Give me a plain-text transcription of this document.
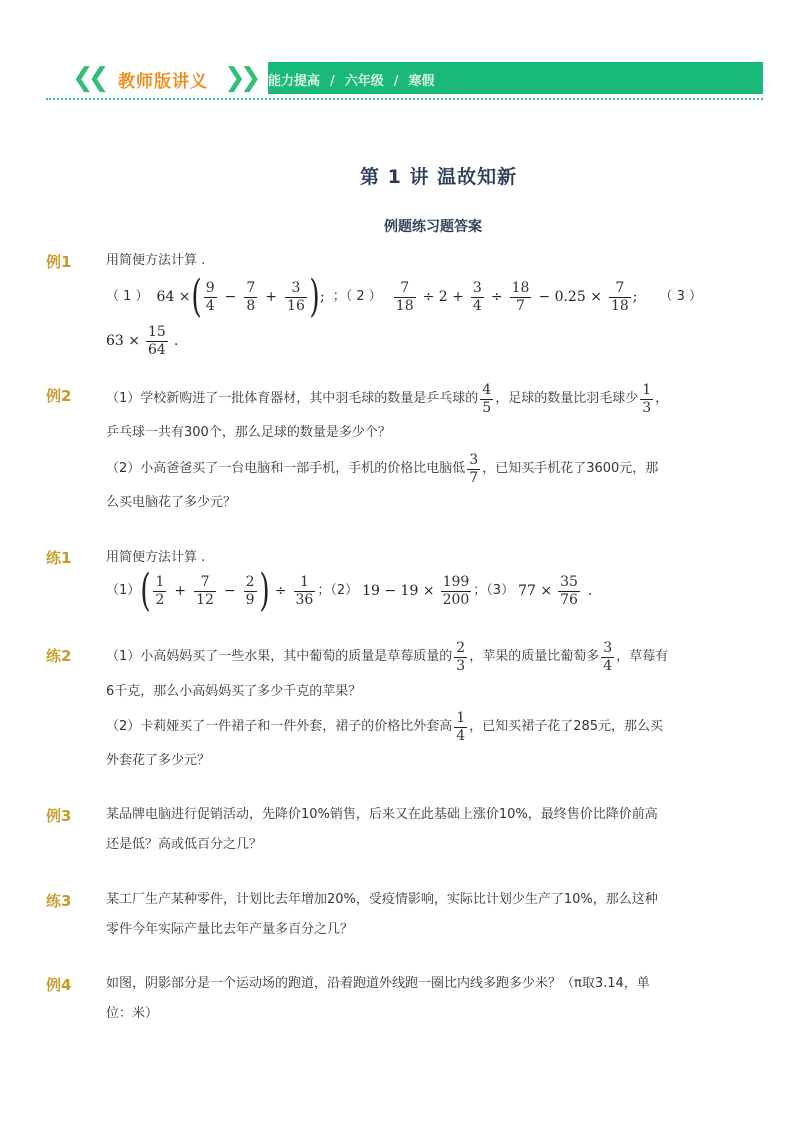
❮❮ 教师版讲义 ❯❯ 能力提高 / 六年级 / 寒假
第 1 讲 温故知新
例题练习题答案
例1	用简便方法计算 .
（ 1 ） 64 × ( $\frac{9}{4} - \frac{7}{8} + \frac{3}{16}$ ) ; ；（ 2 ） $\frac{7}{18} \div 2 + \frac{3}{4} \div \frac{18}{7} - 0.25 \times \frac{7}{18}$ ; （ 3 ）
$63 \times \frac{15}{64}$ .
例2	（1）学校新购进了一批体育器材，其中羽毛球的数量是乒乓球的 $\frac{4}{5}$ ，足球的数量比羽毛球少 $\frac{1}{3}$ ，
乒乓球一共有300个，那么足球的数量是多少个？
（2）小高爸爸买了一台电脑和一部手机，手机的价格比电脑低 $\frac{3}{7}$ ，已知买手机花了3600元，那
么买电脑花了多少元？
练1	用简便方法计算 .
（1） ( $\frac{1}{2} + \frac{7}{12} - \frac{2}{9}$ ) ÷ $\frac{1}{36}$ ；（2） $19 - 19 \times \frac{199}{200}$ ；（3） $77 \times \frac{35}{76}$ .
练2	（1）小高妈妈买了一些水果，其中葡萄的质量是草莓质量的 $\frac{2}{3}$ ，苹果的质量比葡萄多 $\frac{3}{4}$ ，草莓有
6千克，那么小高妈妈买了多少千克的苹果？
（2）卡莉娅买了一件裙子和一件外套，裙子的价格比外套高 $\frac{1}{4}$ ，已知买裙子花了285元，那么买
外套花了多少元？
例3	某品牌电脑进行促销活动，先降价10%销售，后来又在此基础上涨价10%，最终售价比降价前高
还是低？高或低百分之几？
练3	某工厂生产某种零件，计划比去年增加20%，受疫情影响，实际比计划少生产了10%，那么这种
零件今年实际产量比去年产量多百分之几？
例4	如图，阴影部分是一个运动场的跑道，沿着跑道外线跑一圈比内线多跑多少米？（π取3.14，单
位：米）
